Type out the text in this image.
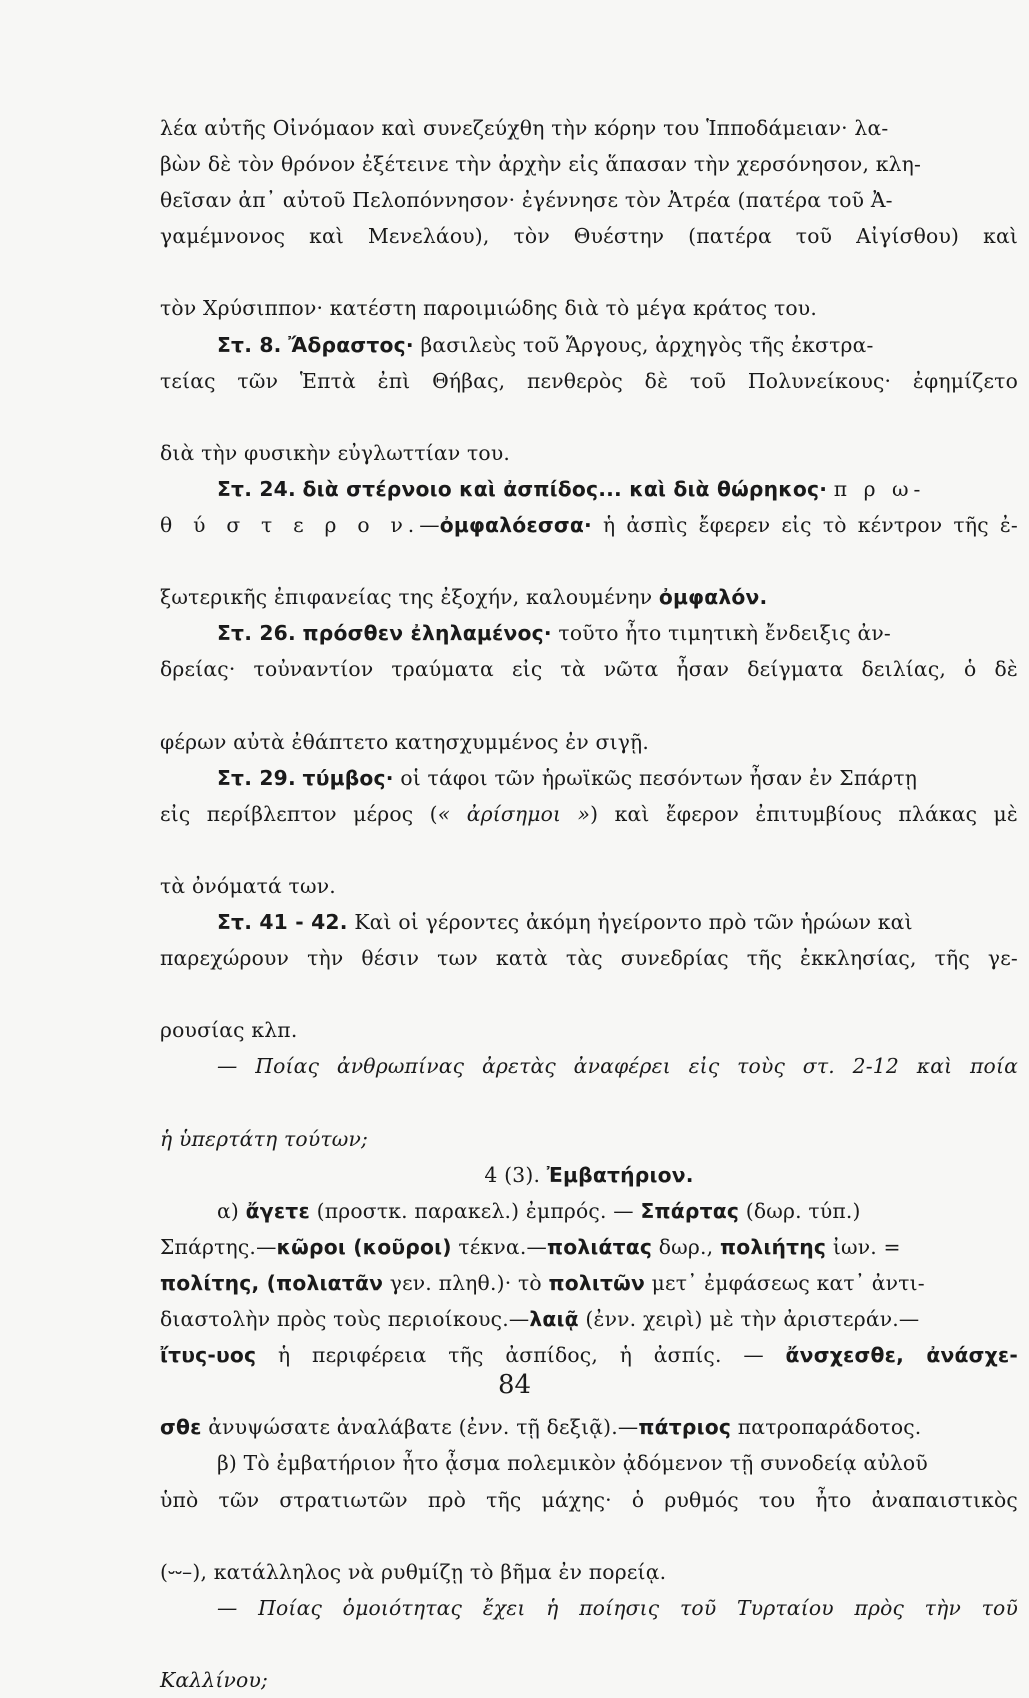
λέα αὐτῆς Οἰνόμαον καὶ συνεζεύχθη τὴν κόρην του Ἱπποδάμειαν· λα-
βὼν δὲ τὸν θρόνον ἐξέτεινε τὴν ἀρχὴν εἰς ἅπασαν τὴν χερσόνησον, κλη-
θεῖσαν ἀπ᾽ αὐτοῦ Πελοπόννησον· ἐγέννησε τὸν Ἀτρέα (πατέρα τοῦ Ἀ-
γαμέμνονος καὶ Μενελάου), τὸν Θυέστην (πατέρα τοῦ Αἰγίσθου) καὶ

τὸν Χρύσιππον· κατέστη παροιμιώδης διὰ τὸ μέγα κράτος του.

Στ. 8. Ἄδραστος· βασιλεὺς τοῦ Ἄργους, ἀρχηγὸς τῆς ἐκστρα-
τείας τῶν Ἑπτὰ ἐπὶ Θήβας, πενθερὸς δὲ τοῦ Πολυνείκους· ἐφημίζετο

διὰ τὴν φυσικὴν εὐγλωττίαν του.

Στ. 24. διὰ στέρνοιο καὶ ἀσπίδος... καὶ διὰ θώρηκος· π ρ ω-
θ ύ σ τ ε ρ ο ν.—ὀμφαλόεσσα· ἡ ἀσπὶς ἔφερεν εἰς τὸ κέντρον τῆς ἐ-

ξωτερικῆς ἐπιφανείας της ἐξοχήν, καλουμένην ὀμφαλόν.

Στ. 26. πρόσθεν ἐληλαμένος· τοῦτο ἦτο τιμητικὴ ἔνδειξις ἀν-
δρείας· τοὐναντίον τραύματα εἰς τὰ νῶτα ἦσαν δείγματα δειλίας, ὁ δὲ

φέρων αὐτὰ ἐθάπτετο κατησχυμμένος ἐν σιγῇ.

Στ. 29. τύμβος· οἱ τάφοι τῶν ἡρωϊκῶς πεσόντων ἦσαν ἐν Σπάρτῃ
εἰς περίβλεπτον μέρος (« ἀρίσημοι ») καὶ ἔφερον ἐπιτυμβίους πλάκας μὲ

τὰ ὀνόματά των.

Στ. 41 - 42. Καὶ οἱ γέροντες ἀκόμη ἠγείροντο πρὸ τῶν ἡρώων καὶ
παρεχώρουν τὴν θέσιν των κατὰ τὰς συνεδρίας τῆς ἐκκλησίας, τῆς γε-

ρουσίας κλπ.

— Ποίας ἀνθρωπίνας ἀρετὰς ἀναφέρει εἰς τοὺς στ. 2-12 καὶ ποία

ἡ ὑπερτάτη τούτων;

4 (3). Ἐμβατήριον.

α) ἄγετε (προστκ. παρακελ.) ἐμπρός. — Σπάρτας (δωρ. τύπ.)
Σπάρτης.—κῶροι (κοῦροι) τέκνα.—πολιάτας δωρ., πολιήτης ἰων. =
πολίτης, (πολιατᾶν γεν. πληθ.)· τὸ πολιτῶν μετ᾽ ἐμφάσεως κατ᾽ ἀντι-
διαστολὴν πρὸς τοὺς περιοίκους.—λαιᾷ (ἐνν. χειρὶ) μὲ τὴν ἀριστεράν.—
ἴτυς-υος ἡ περιφέρεια τῆς ἀσπίδος, ἡ ἀσπίς. — ἄνσχεσθε, ἀνάσχε-

σθε ἀνυψώσατε ἀναλάβατε (ἐνν. τῇ δεξιᾷ).—πάτριος πατροπαράδοτος.

β) Τὸ ἐμβατήριον ἦτο ᾆσμα πολεμικὸν ᾀδόμενον τῇ συνοδείᾳ αὐλοῦ
ὑπὸ τῶν στρατιωτῶν πρὸ τῆς μάχης· ὁ ρυθμός του ἦτο ἀναπαιστικὸς

(⏑⏑–), κατάλληλος νὰ ρυθμίζῃ τὸ βῆμα ἐν πορείᾳ.

— Ποίας ὁμοιότητας ἔχει ἡ ποίησις τοῦ Τυρταίου πρὸς τὴν τοῦ

Καλλίνου;

84
